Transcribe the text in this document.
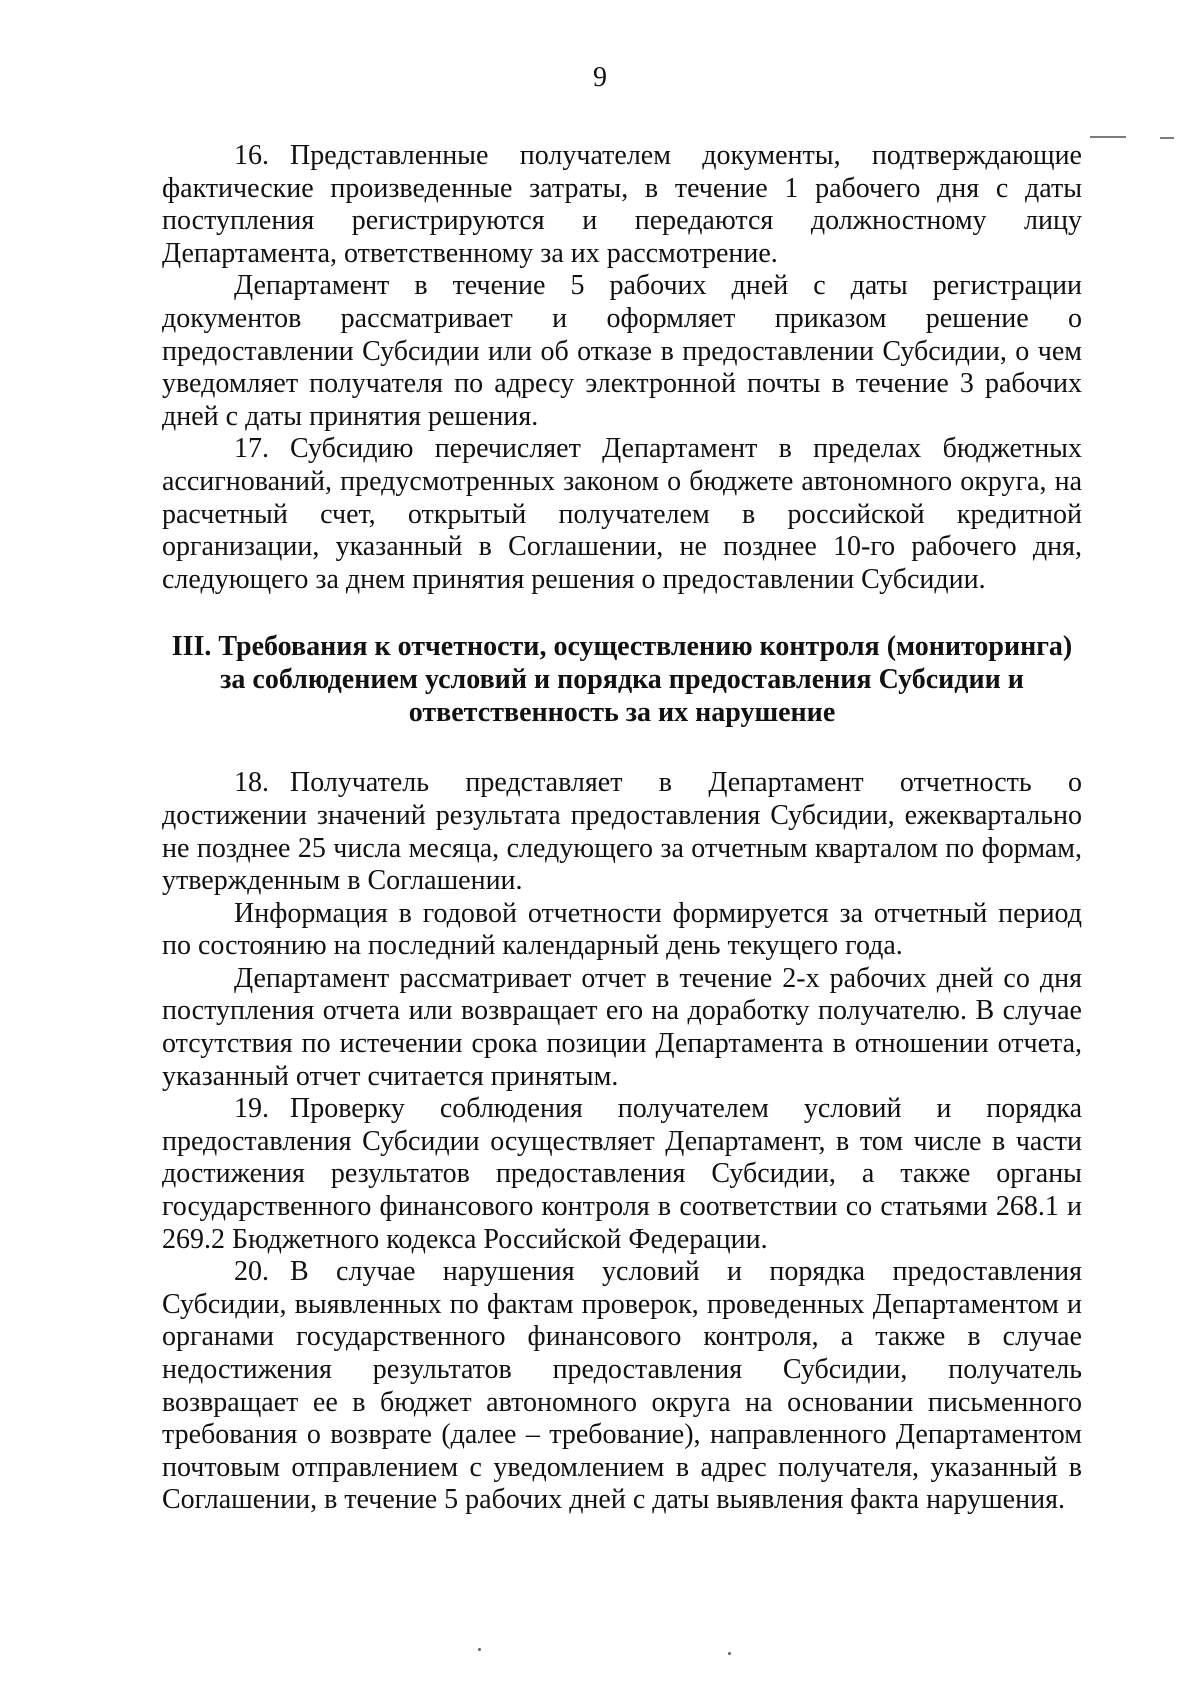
9

16. Представленные получателем документы, подтверждающие фактические произведенные затраты, в течение 1 рабочего дня с даты поступления регистрируются и передаются должностному лицу Департамента, ответственному за их рассмотрение.

Департамент в течение 5 рабочих дней с даты регистрации документов рассматривает и оформляет приказом решение о предоставлении Субсидии или об отказе в предоставлении Субсидии, о чем уведомляет получателя по адресу электронной почты в течение 3 рабочих дней с даты принятия решения.

17. Субсидию перечисляет Департамент в пределах бюджетных ассигнований, предусмотренных законом о бюджете автономного округа, на расчетный счет, открытый получателем в российской кредитной организации, указанный в Соглашении, не позднее 10-го рабочего дня, следующего за днем принятия решения о предоставлении Субсидии.

III. Требования к отчетности, осуществлению контроля (мониторинга) за соблюдением условий и порядка предоставления Субсидии и ответственность за их нарушение

18. Получатель представляет в Департамент отчетность о достижении значений результата предоставления Субсидии, ежеквартально не позднее 25 числа месяца, следующего за отчетным кварталом по формам, утвержденным в Соглашении.

Информация в годовой отчетности формируется за отчетный период по состоянию на последний календарный день текущего года.

Департамент рассматривает отчет в течение 2-х рабочих дней со дня поступления отчета или возвращает его на доработку получателю. В случае отсутствия по истечении срока позиции Департамента в отношении отчета, указанный отчет считается принятым.

19. Проверку соблюдения получателем условий и порядка предоставления Субсидии осуществляет Департамент, в том числе в части достижения результатов предоставления Субсидии, а также органы государственного финансового контроля в соответствии со статьями 268.1 и 269.2 Бюджетного кодекса Российской Федерации.

20. В случае нарушения условий и порядка предоставления Субсидии, выявленных по фактам проверок, проведенных Департаментом и органами государственного финансового контроля, а также в случае недостижения результатов предоставления Субсидии, получатель возвращает ее в бюджет автономного округа на основании письменного требования о возврате (далее – требование), направленного Департаментом почтовым отправлением с уведомлением в адрес получателя, указанный в Соглашении, в течение 5 рабочих дней с даты выявления факта нарушения.
